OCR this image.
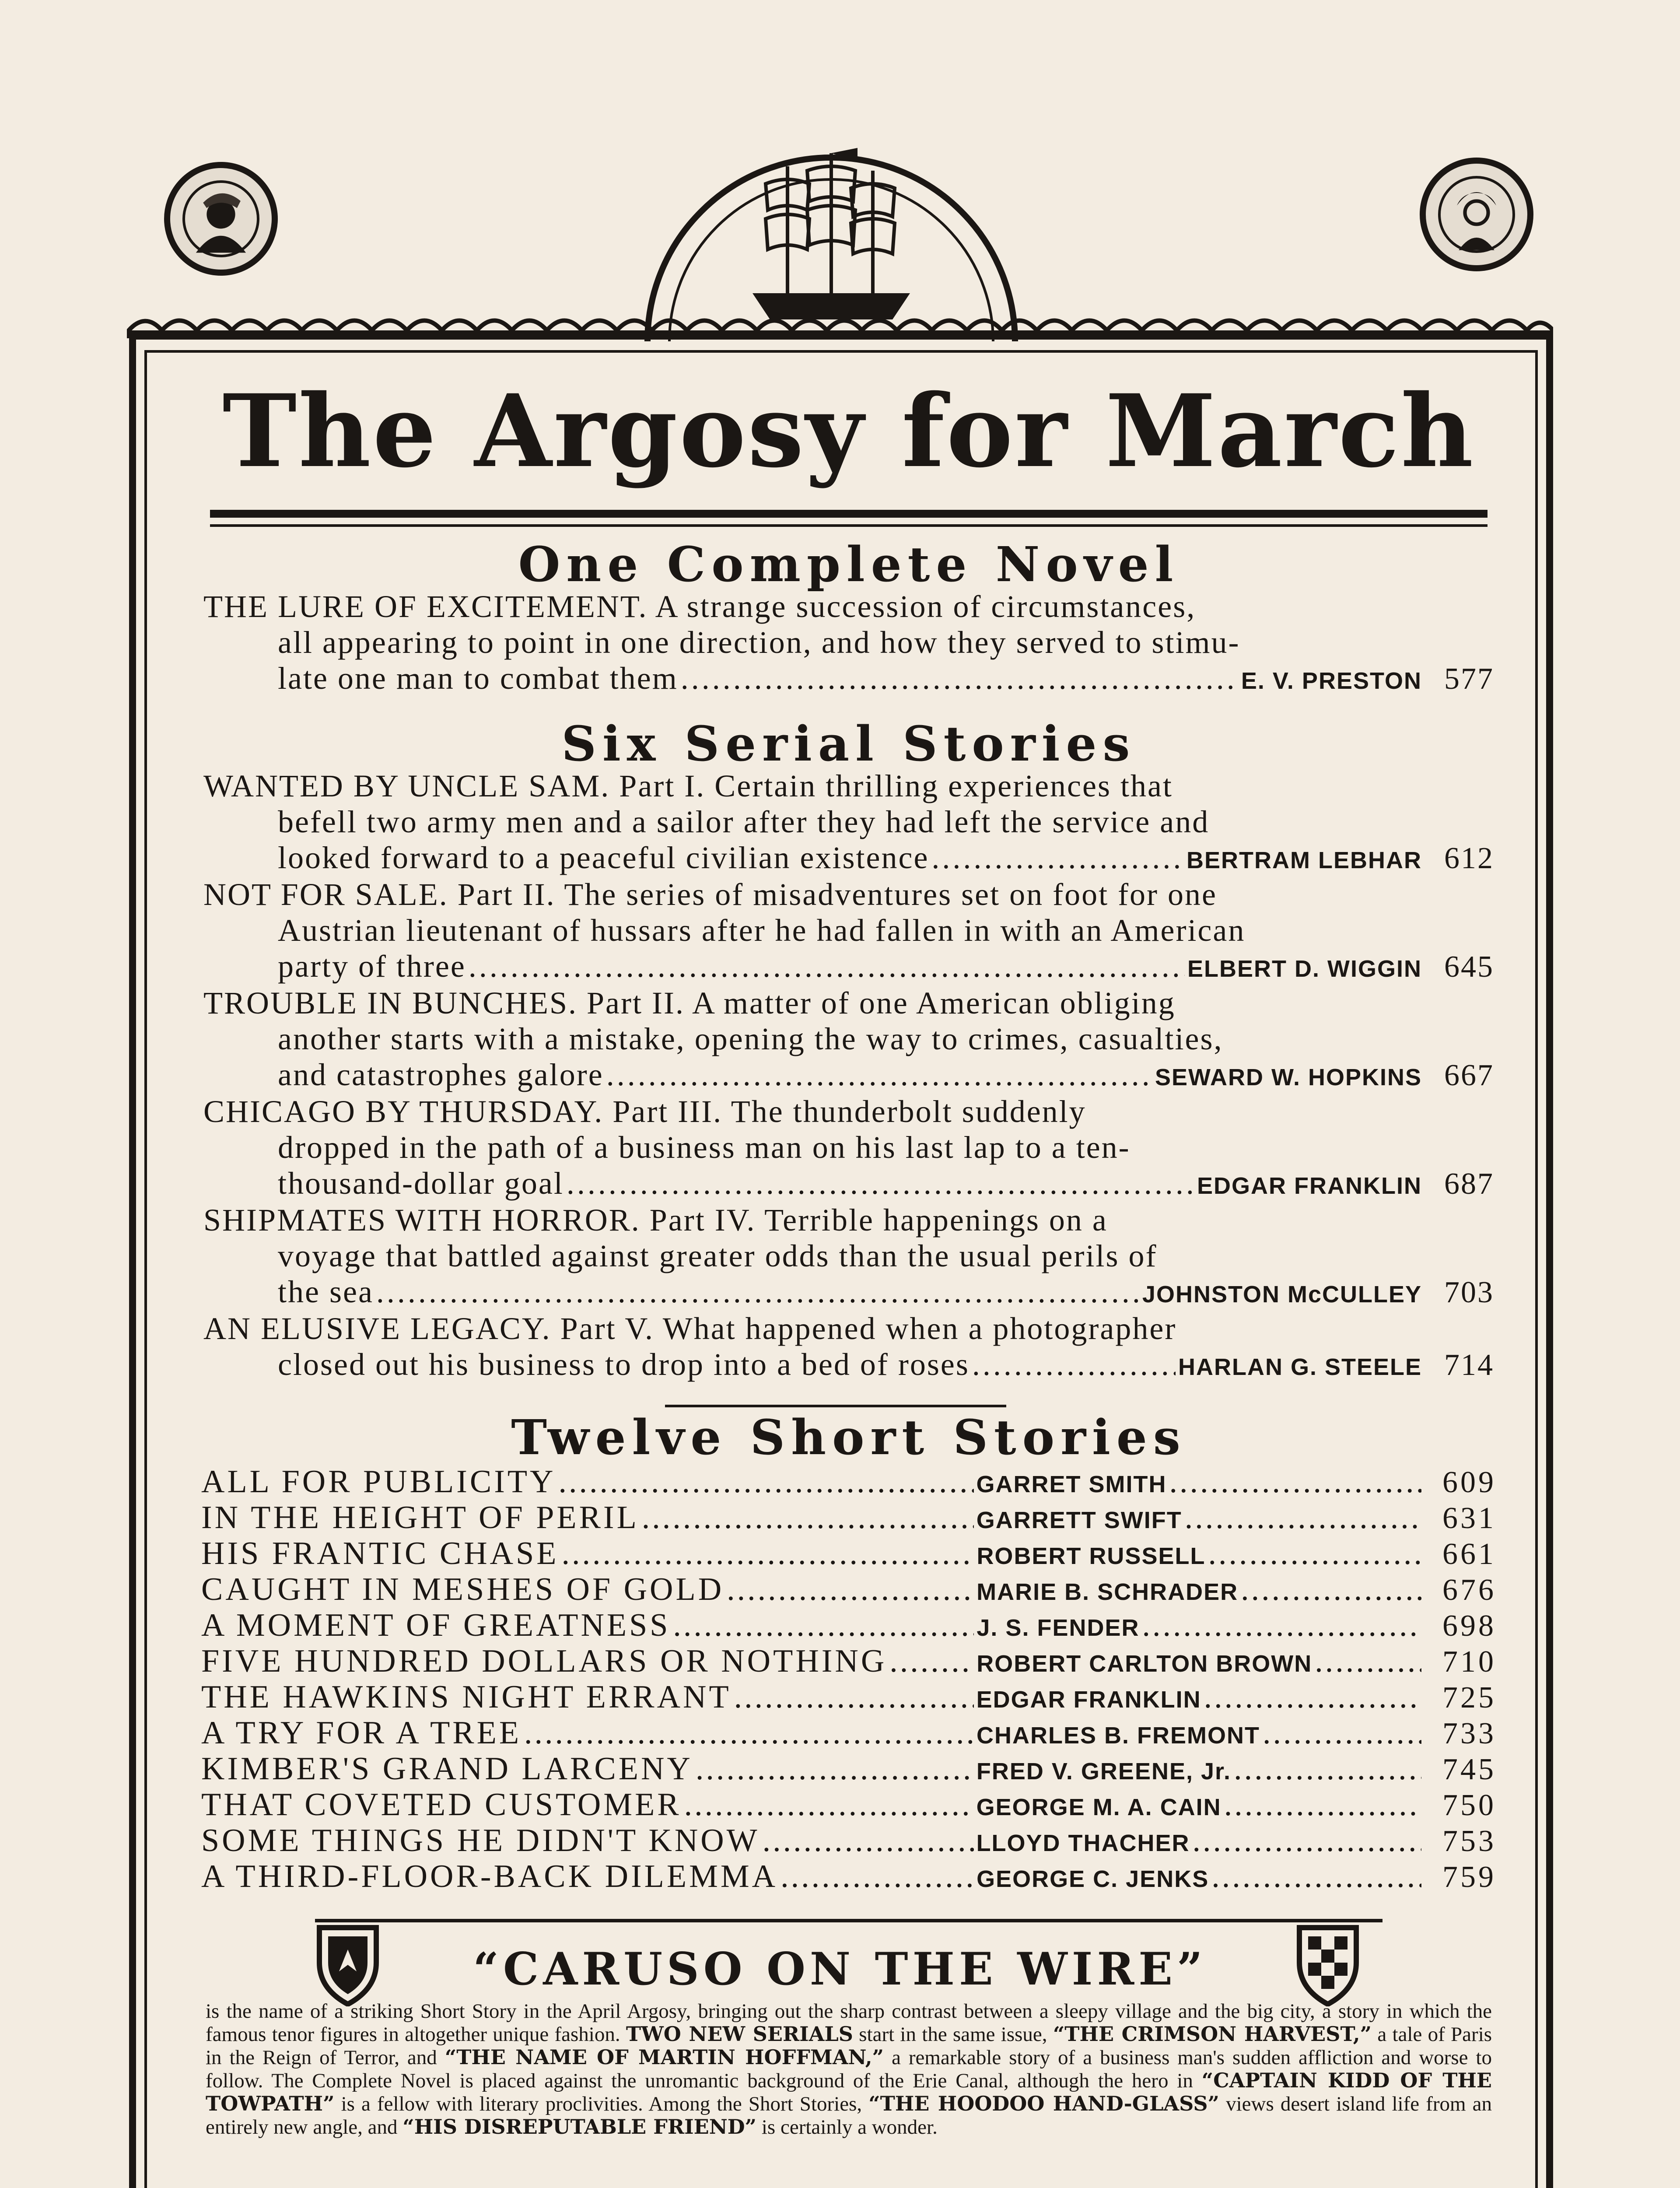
The Argosy for March
One Complete Novel
THE LURE OF EXCITEMENT. A strange succession of circumstances,
all appearing to point in one direction, and how they served to stimu-
late one man to combat them .....	E. V. PRESTON 577
Six Serial Stories
WANTED BY UNCLE SAM. Part I. Certain thrilling experiences that
befell two army men and a sailor after they had left the service and
looked forward to a peaceful civilian existence .....	BERTRAM LEBHAR 612
NOT FOR SALE. Part II. The series of misadventures set on foot for one
Austrian lieutenant of hussars after he had fallen in with an American
party of three .....	ELBERT D. WIGGIN 645
TROUBLE IN BUNCHES. Part II. A matter of one American obliging
another starts with a mistake, opening the way to crimes, casualties,
and catastrophes galore .....	SEWARD W. HOPKINS 667
CHICAGO BY THURSDAY. Part III. The thunderbolt suddenly
dropped in the path of a business man on his last lap to a ten-
thousand-dollar goal .....	EDGAR FRANKLIN 687
SHIPMATES WITH HORROR. Part IV. Terrible happenings on a
voyage that battled against greater odds than the usual perils of
the sea .....	JOHNSTON McCULLEY 703
AN ELUSIVE LEGACY. Part V. What happened when a photographer
closed out his business to drop into a bed of roses .....	HARLAN G. STEELE 714
Twelve Short Stories
ALL FOR PUBLICITY .....	GARRET SMITH .....	609
IN THE HEIGHT OF PERIL .....	GARRETT SWIFT .....	631
HIS FRANTIC CHASE .....	ROBERT RUSSELL .....	661
CAUGHT IN MESHES OF GOLD .....	MARIE B. SCHRADER .....	676
A MOMENT OF GREATNESS .....	J. S. FENDER .....	698
FIVE HUNDRED DOLLARS OR NOTHING .....	ROBERT CARLTON BROWN .....	710
THE HAWKINS NIGHT ERRANT .....	EDGAR FRANKLIN .....	725
A TRY FOR A TREE .....	CHARLES B. FREMONT .....	733
KIMBER'S GRAND LARCENY .....	FRED V. GREENE, Jr. .....	745
THAT COVETED CUSTOMER .....	GEORGE M. A. CAIN .....	750
SOME THINGS HE DIDN'T KNOW .....	LLOYD THACHER .....	753
A THIRD-FLOOR-BACK DILEMMA .....	GEORGE C. JENKS .....	759
“CARUSO ON THE WIRE”
is the name of a striking Short Story in the April Argosy, bringing out the sharp contrast between a sleepy village and the big city, a story in which the famous tenor figures in altogether unique fashion. TWO NEW SERIALS start in the same issue, “THE CRIMSON HARVEST,” a tale of Paris in the Reign of Terror, and “THE NAME OF MARTIN HOFFMAN,” a remarkable story of a business man's sudden affliction and worse to follow. The Complete Novel is placed against the unromantic background of the Erie Canal, although the hero in “CAPTAIN KIDD OF THE TOWPATH” is a fellow with literary proclivities. Among the Short Stories, “THE HOODOO HAND-GLASS” views desert island life from an entirely new angle, and “HIS DISREPUTABLE FRIEND” is certainly a wonder.
